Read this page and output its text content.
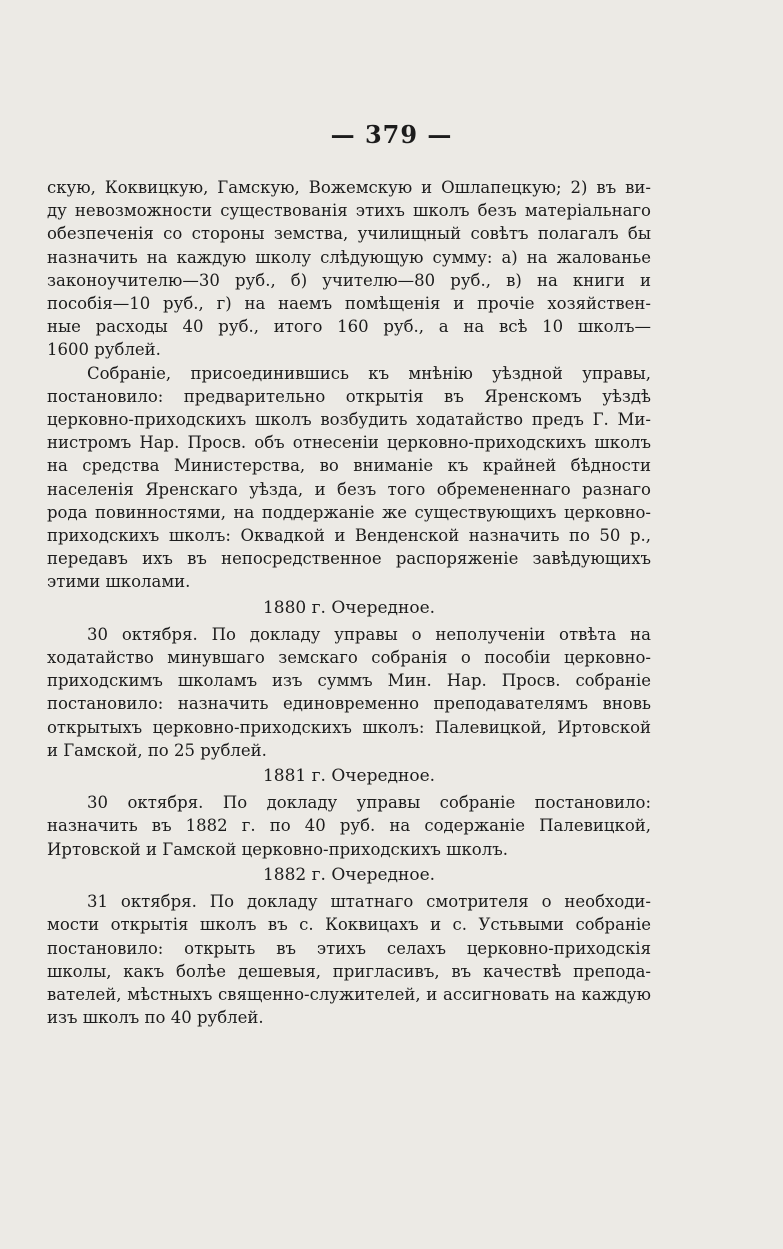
— 379 —

скую, Коквицкую, Гамскую, Вожемскую и Ошлапецкую; 2) въ ви-
ду невозможности существованія этихъ школъ безъ матеріальнаго
обезпеченія со стороны земства, училищный совѣтъ полагалъ бы
назначить на каждую школу слѣдующую сумму: а) на жалованье
законоучителю—30 руб., б) учителю—80 руб., в) на книги и
пособія—10 руб., г) на наемъ помѣщенія и прочіе хозяйствен-
ные расходы 40 руб., итого 160 руб., а на всѣ 10 школъ—
1600 рублей.

Собраніе, присоединившись къ мнѣнію уѣздной управы,
постановило: предварительно открытія въ Яренскомъ уѣздѣ
церковно-приходскихъ школъ возбудить ходатайство предъ Г. Ми-
нистромъ Нар. Просв. объ отнесеніи церковно-приходскихъ школъ
на средства Министерства, во вниманіе къ крайней бѣдности
населенія Яренскаго уѣзда, и безъ того обремененнаго разнаго
рода повинностями, на поддержаніе же существующихъ церковно-
приходскихъ школъ: Оквадкой и Венденской назначить по 50 р.,
передавъ ихъ въ непосредственное распоряженіе завѣдующихъ
этими школами.

1880 г. Очередное.

30 октября. По докладу управы о неполученіи отвѣта на
ходатайство минувшаго земскаго собранія о пособіи церковно-
приходскимъ школамъ изъ суммъ Мин. Нар. Просв. собраніе
постановило: назначить единовременно преподавателямъ вновь
открытыхъ церковно-приходскихъ школъ: Палевицкой, Иртовской
и Гамской, по 25 рублей.

1881 г. Очередное.

30 октября. По докладу управы собраніе постановило:
назначить въ 1882 г. по 40 руб. на содержаніе Палевицкой,
Иртовской и Гамской церковно-приходскихъ школъ.

1882 г. Очередное.

31 октября. По докладу штатнаго смотрителя о необходи-
мости открытія школъ въ с. Коквицахъ и с. Устьвыми собраніе
постановило: открыть въ этихъ селахъ церковно-приходскія
школы, какъ болѣе дешевыя, пригласивъ, въ качествѣ препода-
вателей, мѣстныхъ священно-служителей, и ассигновать на каждую
изъ школъ по 40 рублей.
